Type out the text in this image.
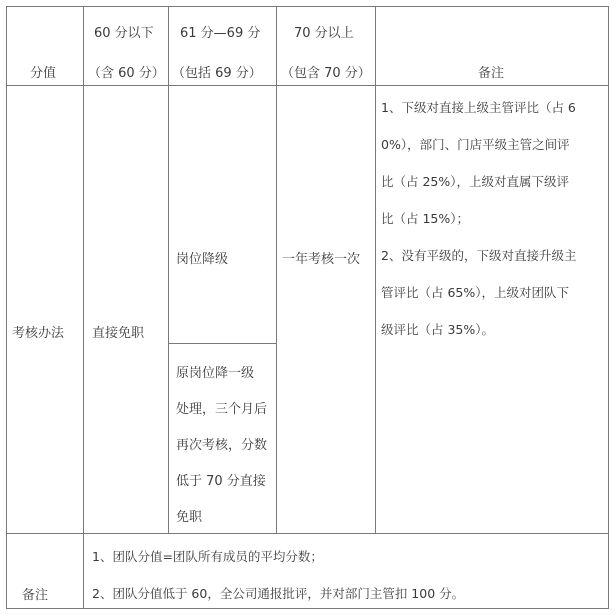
分值
60 分以下
（含 60 分）
61 分—69 分
（包括 69 分）
70 分以上
（包含 70 分）	备注
考核办法 直接免职
岗位降级	一年考核一次
原岗位降一级
处理，三个月后
再次考核，分数
低于 70 分直接
免职
1、下级对直接上级主管评比（占 6
0%），部门、门店平级主管之间评
比（占 25%），上级对直属下级评
比（占 15%）；
2、没有平级的，下级对直接升级主
管评比（占 65%），上级对团队下
级评比（占 35%）。
备注
1、团队分值=团队所有成员的平均分数；
2、团队分值低于 60，全公司通报批评，并对部门主管扣 100 分。
